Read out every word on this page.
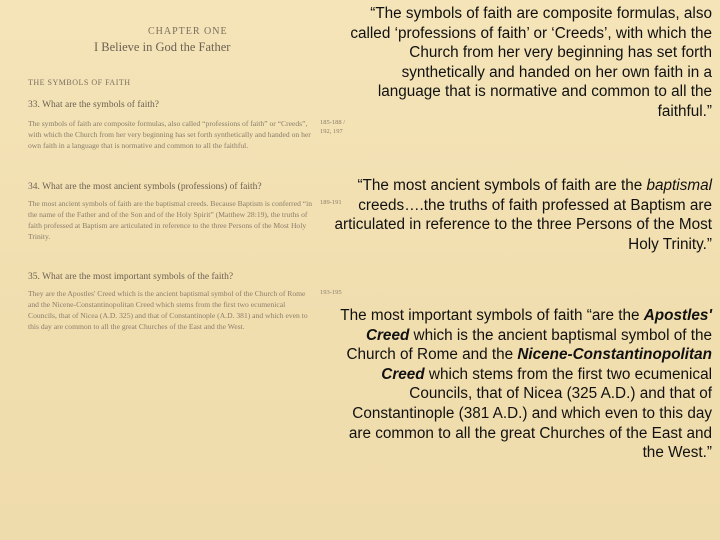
CHAPTER ONE
I Believe in God the Father
THE SYMBOLS OF FAITH
33. What are the symbols of faith?
The symbols of faith are composite formulas, also called “professions of faith” or “Creeds”, with which the Church from her very beginning has set forth synthetically and handed on her own faith in a language that is normative and common to all the faithful.
185-188 / 192, 197
34. What are the most ancient symbols (professions) of faith?
The most ancient symbols of faith are the baptismal creeds. Because Baptism is conferred “in the name of the Father and of the Son and of the Holy Spirit” (Matthew 28:19), the truths of faith professed at Baptism are articulated in reference to the three Persons of the Most Holy Trinity.
189-191
35. What are the most important symbols of the faith?
They are the Apostles' Creed which is the ancient baptismal symbol of the Church of Rome and the Nicene-Constantinopolitan Creed which stems from the first two ecumenical Councils, that of Nicea (A.D. 325) and that of Constantinople (A.D. 381) and which even to this day are common to all the great Churches of the East and the West.
193-195

“The symbols of faith are composite formulas, also called ‘professions of faith’ or ‘Creeds’, with which the Church from her very beginning has set forth synthetically and handed on her own faith in a language that is normative and common to all the faithful.”

“The most ancient symbols of faith are the baptismal creeds….the truths of faith professed at Baptism are articulated in reference to the three Persons of the Most Holy Trinity.”

The most important symbols of faith “are the Apostles' Creed which is the ancient baptismal symbol of the Church of Rome and the Nicene-Constantinopolitan Creed which stems from the first two ecumenical Councils, that of Nicea (325 A.D.) and that of Constantinople (381 A.D.) and which even to this day are common to all the great Churches of the East and the West.”
